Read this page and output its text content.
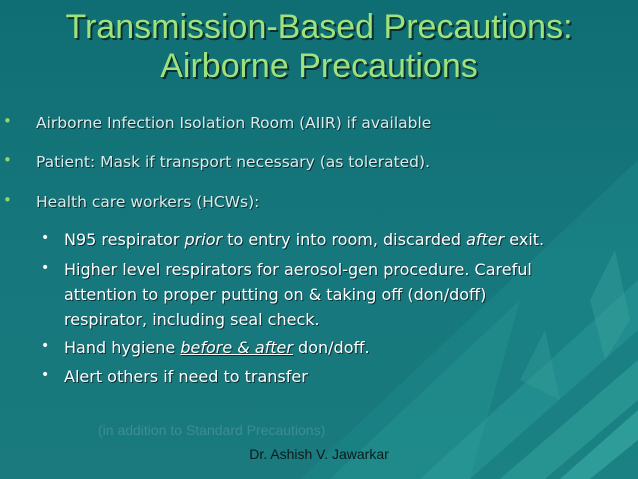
Transmission-Based Precautions:
Airborne Precautions
• Airborne Infection Isolation Room (AIIR) if available
• Patient: Mask if transport necessary (as tolerated).
• Health care workers (HCWs):
• N95 respirator prior to entry into room, discarded after exit.
• Higher level respirators for aerosol-gen procedure. Careful
attention to proper putting on & taking off (don/doff)
respirator, including seal check.
• Hand hygiene before & after don/doff.
• Alert others if need to transfer
(in addition to Standard Precautions)
Dr. Ashish V. Jawarkar
